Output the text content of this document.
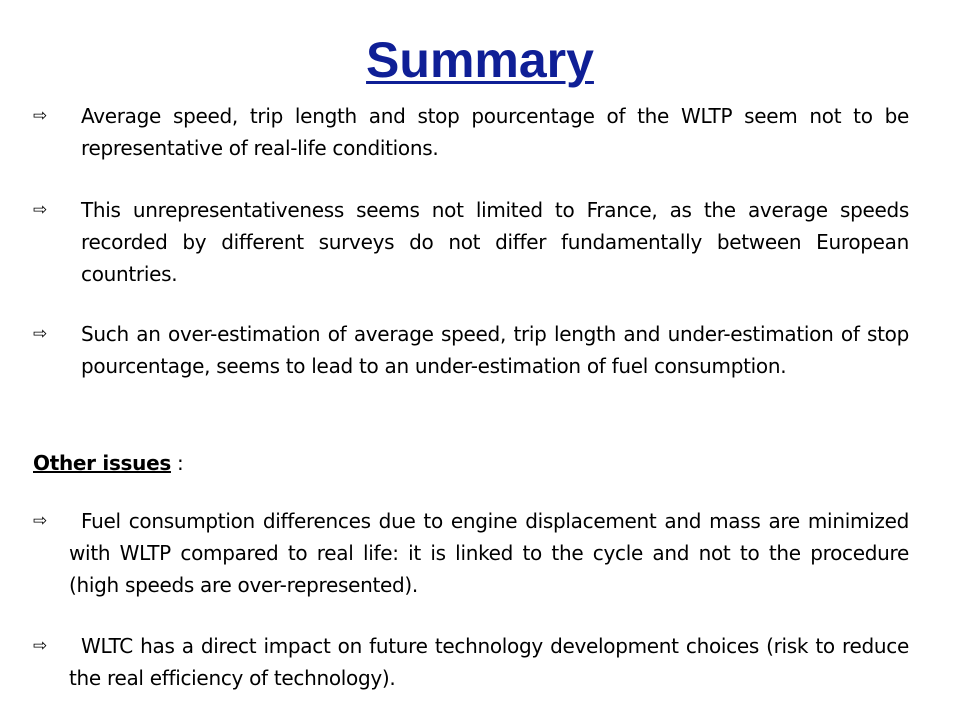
Summary
⇨	Average speed, trip length and stop pourcentage of the WLTP seem not to be representative of real-life conditions.
⇨	This unrepresentativeness seems not limited to France, as the average speeds recorded by different surveys do not differ fundamentally between European countries.
⇨	Such an over-estimation of average speed, trip length and under-estimation of stop pourcentage, seems to lead to an under-estimation of fuel consumption.
Other issues :
⇨	Fuel consumption differences due to engine displacement and mass are minimized with WLTP compared to real life: it is linked to the cycle and not to the procedure (high speeds are over-represented).
⇨	WLTC has a direct impact on future technology development choices (risk to reduce the real efficiency of technology).
